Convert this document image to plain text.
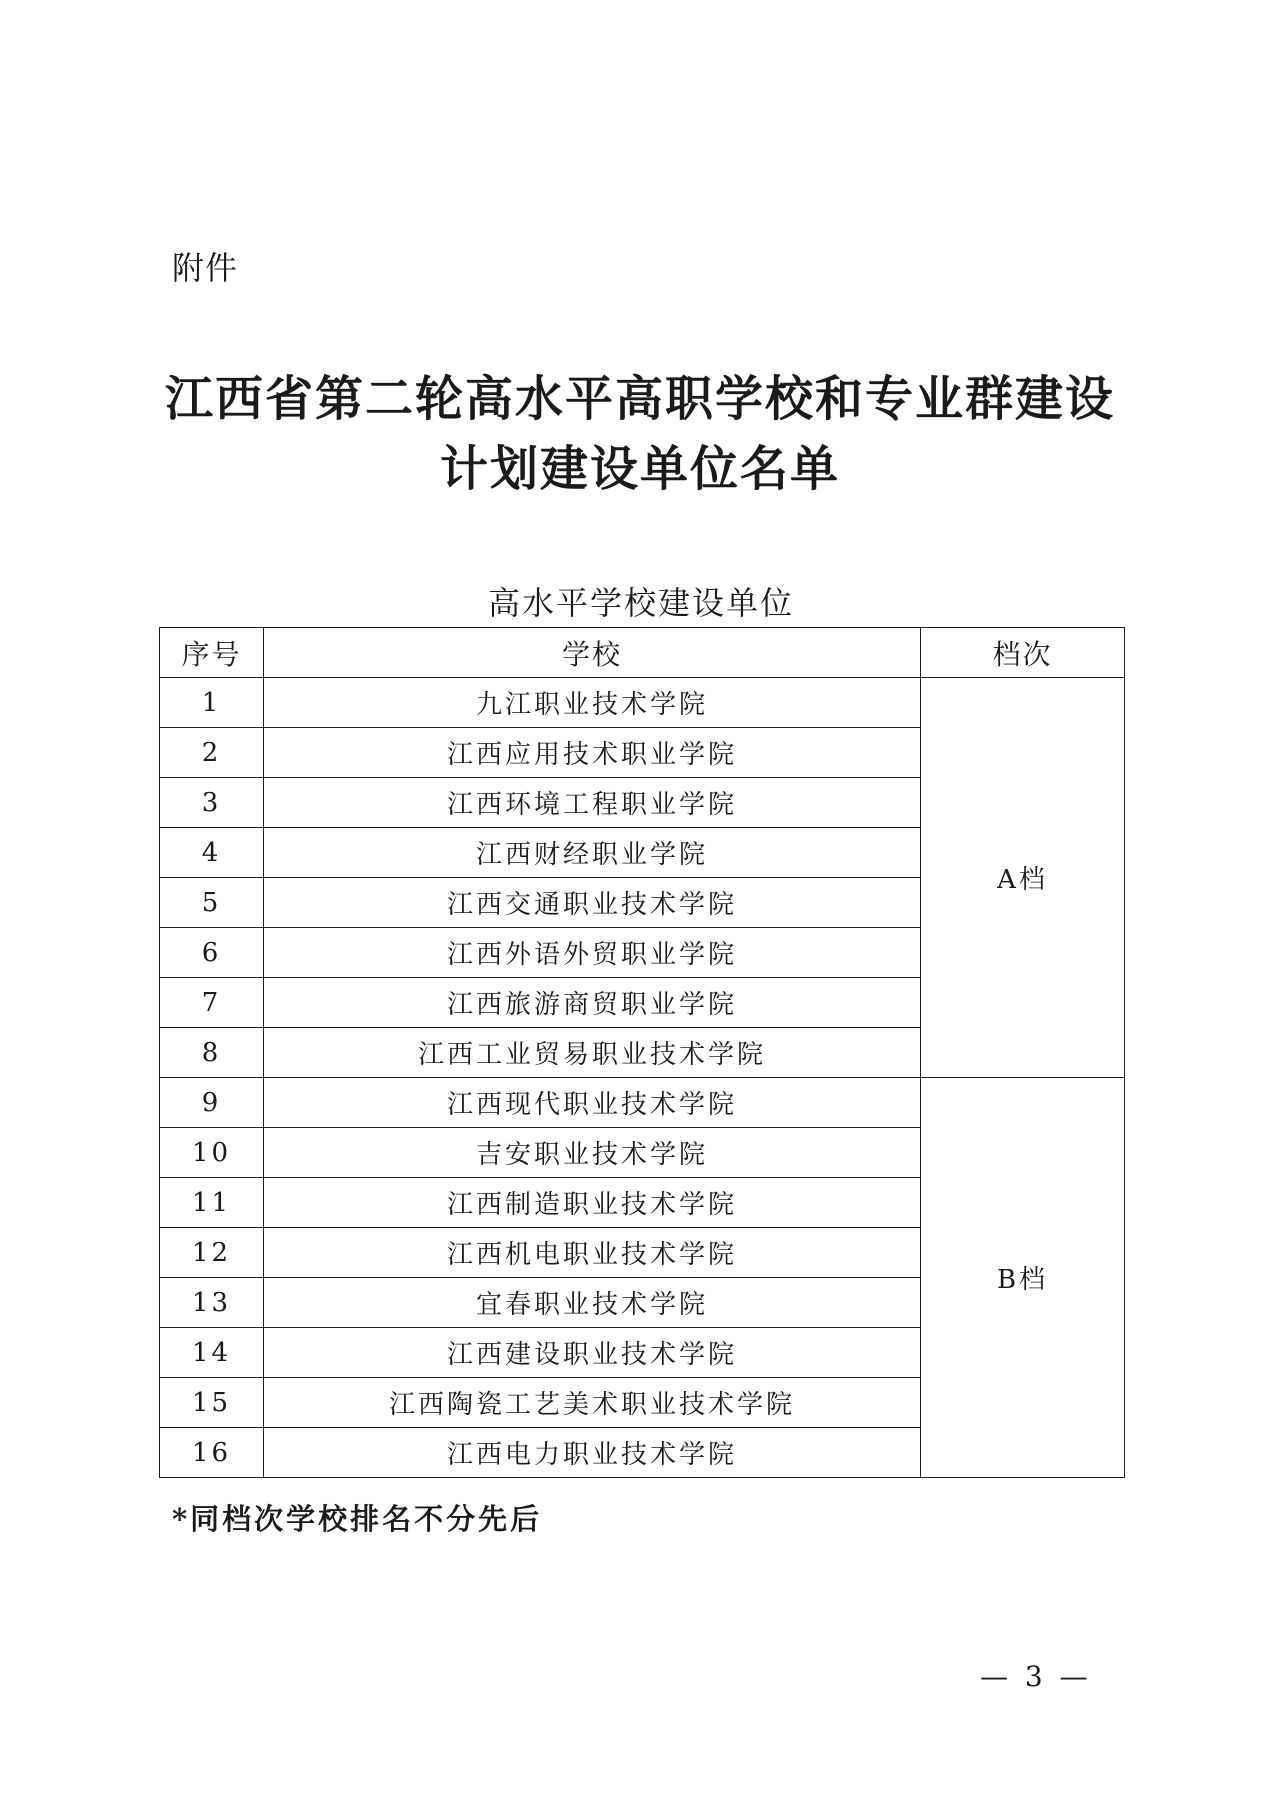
附件
江西省第二轮高水平高职学校和专业群建设
计划建设单位名单
高水平学校建设单位
序号	学校	档次
1	九江职业技术学院	A档
2	江西应用技术职业学院	
3	江西环境工程职业学院	
4	江西财经职业学院	
5	江西交通职业技术学院	
6	江西外语外贸职业学院	
7	江西旅游商贸职业学院	
8	江西工业贸易职业技术学院	
9	江西现代职业技术学院	B档
10	吉安职业技术学院	
11	江西制造职业技术学院	
12	江西机电职业技术学院	
13	宜春职业技术学院	
14	江西建设职业技术学院	
15	江西陶瓷工艺美术职业技术学院	
16	江西电力职业技术学院	
*同档次学校排名不分先后
— 3 —
